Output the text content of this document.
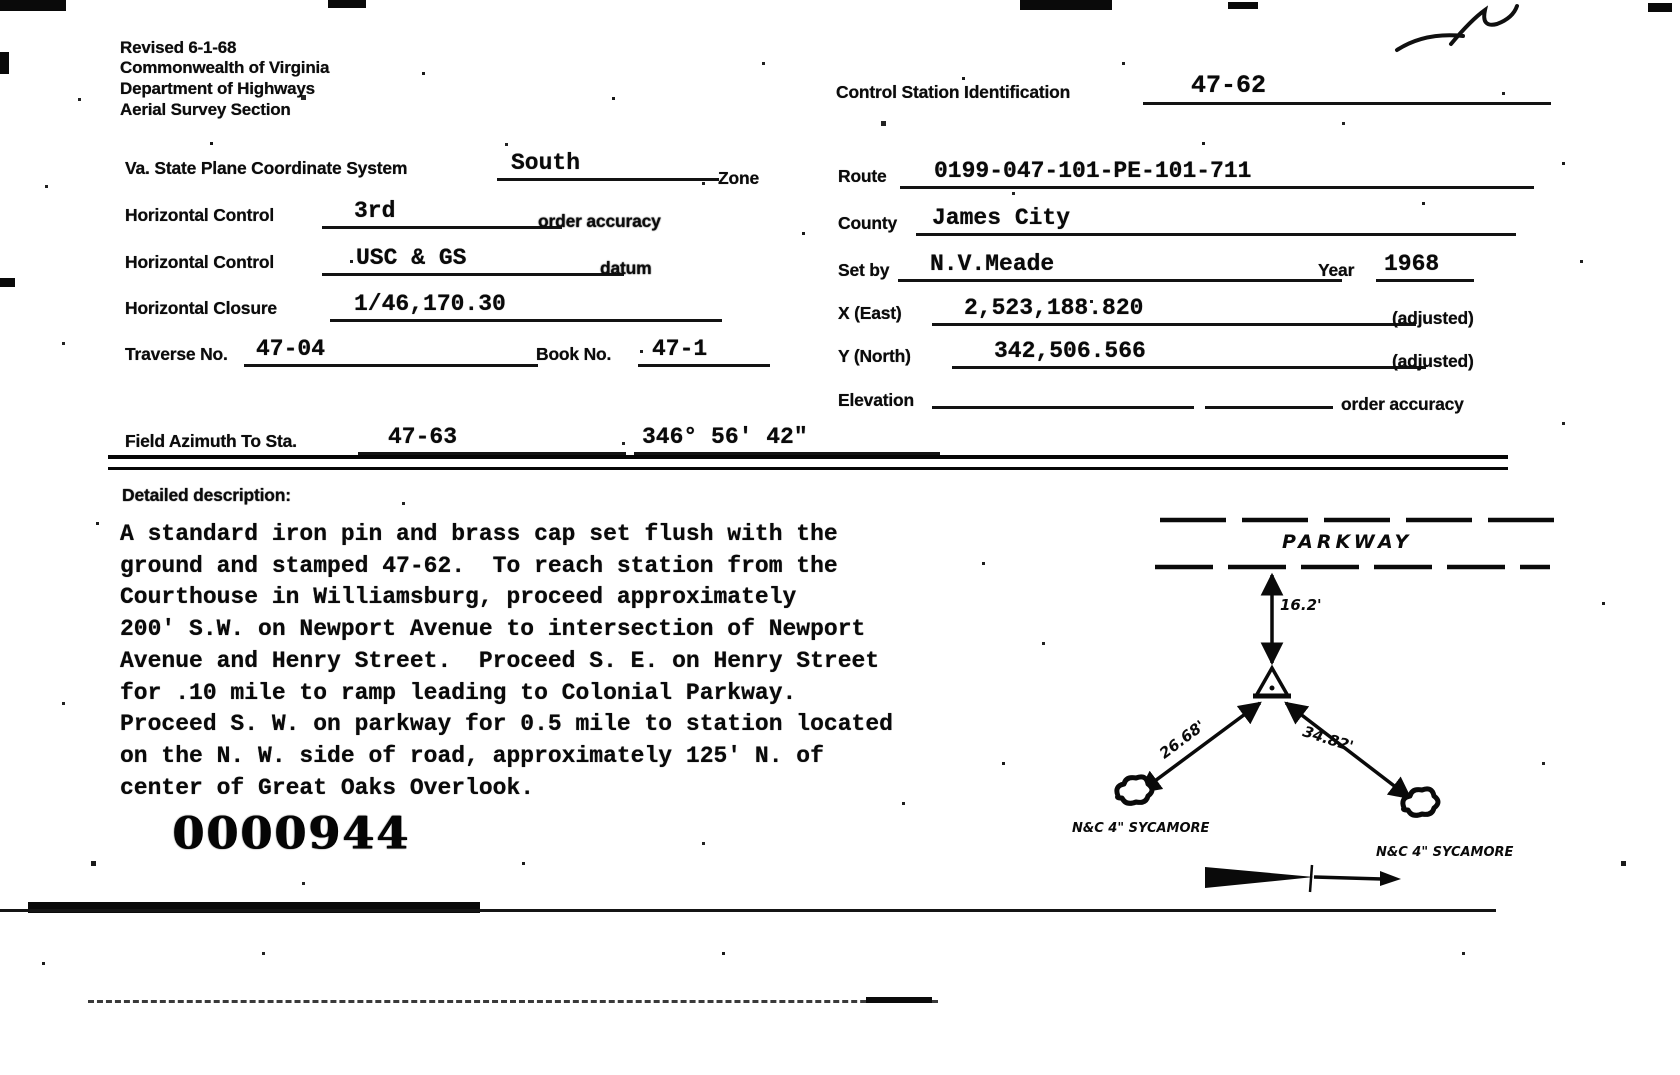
Revised 6-1-68
Commonwealth of Virginia
Department of Highways
Aerial Survey Section
Control Station Identification	47-62
Va. State Plane Coordinate System	South
Zone
Horizontal Control	3rd	order accuracy
Horizontal Control	USC & GS	datum
Horizontal Closure	1/46,170.30
Traverse No. 47-04	Book No. 47-1
Field Azimuth To Sta.	47-63	346° 56' 42"
Route 0199-047-101-PE-101-711
County James City
Set by N.V.Meade	Year 1968
X (East)	2,523,188.820	(adjusted)
Y (North)	342,506.566	(adjusted)
Elevation	order accuracy
Detailed description:
A standard iron pin and brass cap set flush with the
ground and stamped 47-62.  To reach station from the
Courthouse in Williamsburg, proceed approximately
200' S.W. on Newport Avenue to intersection of Newport
Avenue and Henry Street.  Proceed S. E. on Henry Street
for .10 mile to ramp leading to Colonial Parkway.
Proceed S. W. on parkway for 0.5 mile to station located
on the N. W. side of road, approximately 125' N. of
center of Great Oaks Overlook.
0000944
PARKWAY
16.2'
26.68'	34.82'
N&C 4" SYCAMORE
N&C 4" SYCAMORE
